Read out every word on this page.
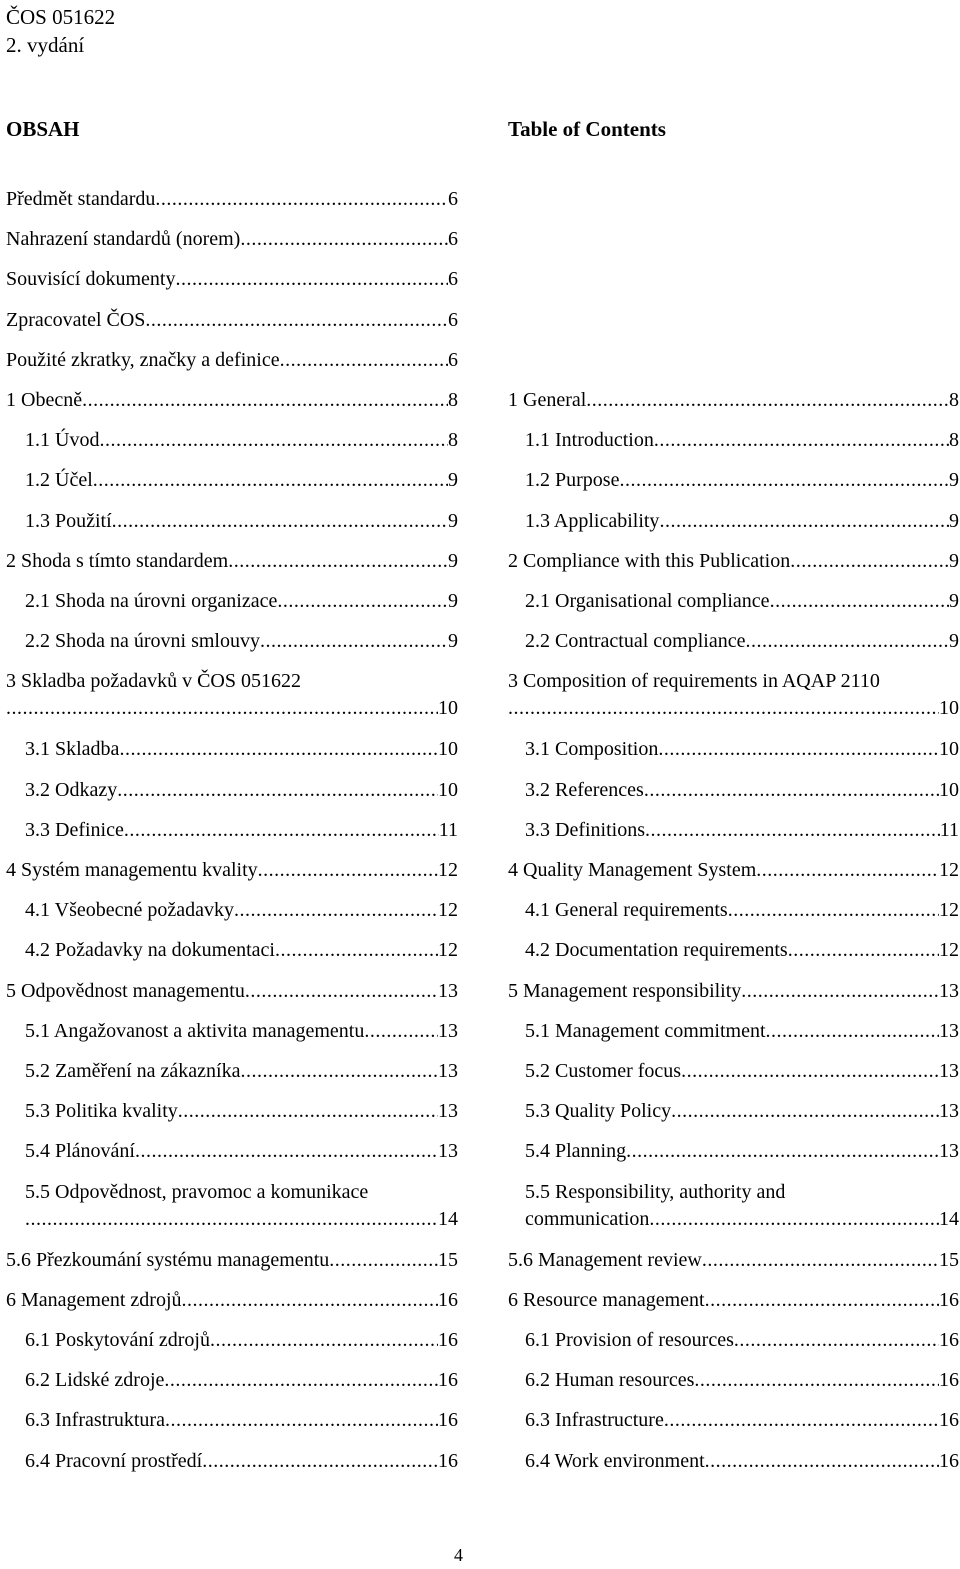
ČOS 051622
2. vydání
OBSAH	Table of Contents
Předmět standardu .....	6
Nahrazení standardů (norem) .....	6
Souvisící dokumenty .....	6
Zpracovatel ČOS .....	6
Použité zkratky, značky a definice .....	6
1 Obecně .....	8
1.1 Úvod .....	8
1.2 Účel .....	9
1.3 Použití .....	9
2 Shoda s tímto standardem .....	9
2.1 Shoda na úrovni organizace .....	9
2.2 Shoda na úrovni smlouvy .....	9
3 Skladba požadavků v ČOS 051622
.....
10
3.1 Skladba .....	10
3.2 Odkazy .....	10
3.3 Definice .....	11
4 Systém managementu kvality .....	12
4.1 Všeobecné požadavky .....	12
4.2 Požadavky na dokumentaci .....	12
5 Odpovědnost managementu .....	13
5.1 Angažovanost a aktivita managementu .....	13
5.2 Zaměření na zákazníka .....	13
5.3 Politika kvality .....	13
5.4 Plánování .....	13
5.5 Odpovědnost, pravomoc a komunikace
.....
14
5.6 Přezkoumání systému managementu .....	15
6 Management zdrojů .....	16
6.1 Poskytování zdrojů .....	16
6.2 Lidské zdroje .....	16
6.3 Infrastruktura .....	16
6.4 Pracovní prostředí .....	16
1 General .....	8
1.1 Introduction .....	8
1.2 Purpose .....	9
1.3 Applicability .....	9
2 Compliance with this Publication .....	9
2.1 Organisational compliance .....	9
2.2 Contractual compliance .....	9
3 Composition of requirements in AQAP 2110
.....
10
3.1 Composition .....	10
3.2 References .....	10
3.3 Definitions .....	11
4 Quality Management System .....	12
4.1 General requirements .....	12
4.2 Documentation requirements .....	12
5 Management responsibility .....	13
5.1 Management commitment .....	13
5.2 Customer focus .....	13
5.3 Quality Policy .....	13
5.4 Planning .....	13
5.5 Responsibility, authority and
communication .....	14
5.6 Management review .....	15
6 Resource management .....	16
6.1 Provision of resources .....	16
6.2 Human resources .....	16
6.3 Infrastructure .....	16
6.4 Work environment .....	16
4
